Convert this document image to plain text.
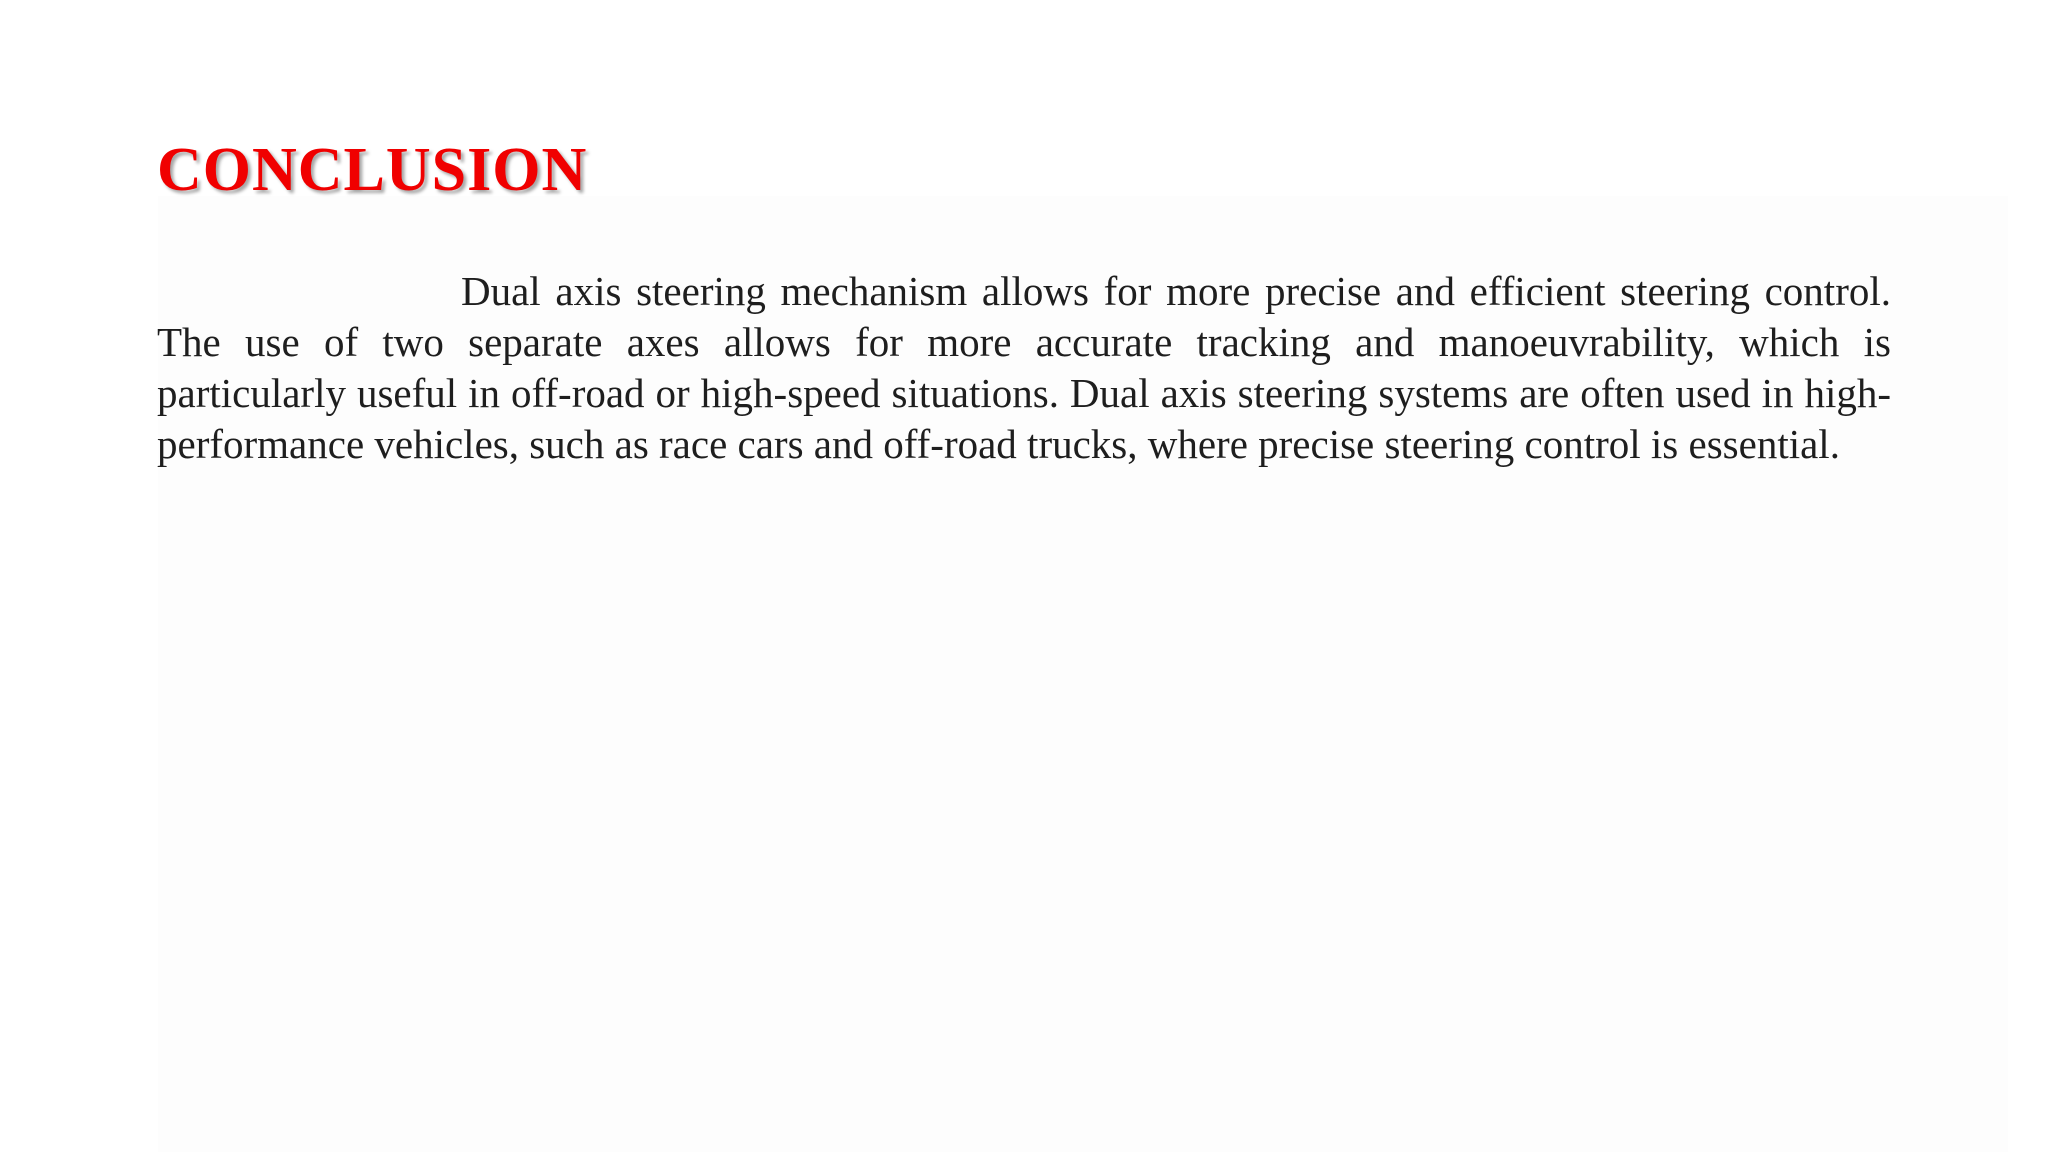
CONCLUSION

Dual axis steering mechanism allows for more precise and efficient steering control. The use of two separate axes allows for more accurate tracking and manoeuvrability, which is particularly useful in off-road or high-speed situations. Dual axis steering systems are often used in high-performance vehicles, such as race cars and off-road trucks, where precise steering control is essential.
